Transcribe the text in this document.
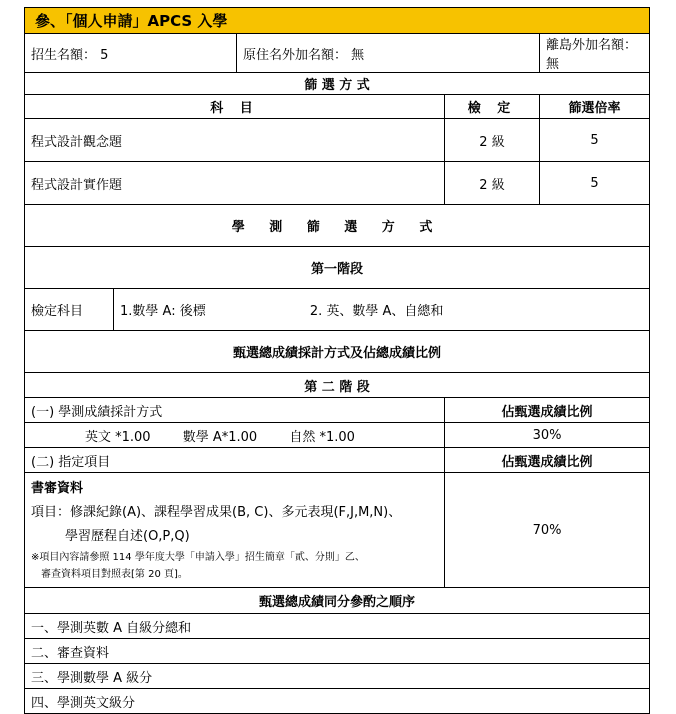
參、「個人申請」APCS 入學				
招生名額： 5		原住名外加名額： 無		離島外加名額：無
篩 選 方 式				
科 目			檢 定	篩選倍率
程式設計觀念題			2 級	5
程式設計實作題			2 級	5
學 測 篩 選 方 式				
第一階段				
檢定科目	1.數學 A: 後標 2. 英、數學 A、自總和			
甄選總成績採計方式及佔總成績比例				
第 二 階 段				
(一) 學測成績採計方式			佔甄選成績比例	
英文 *1.00 數學 A*1.00 自然 *1.00			30%	
(二) 指定項目			佔甄選成績比例	

書審資料
項目：修課紀錄(A)、課程學習成果(B, C)、多元表現(F,J,M,N)、
學習歷程自述(O,P,Q)
※項目內容請參照 114 學年度大學「申請入學」招生簡章「貳、分則」乙、
審查資料項目對照表[第 20 頁]。			70%	
甄選總成績同分參酌之順序				
一、學測英數 A 自級分總和				
二、審查資料				
三、學測數學 A 級分				
四、學測英文級分				
